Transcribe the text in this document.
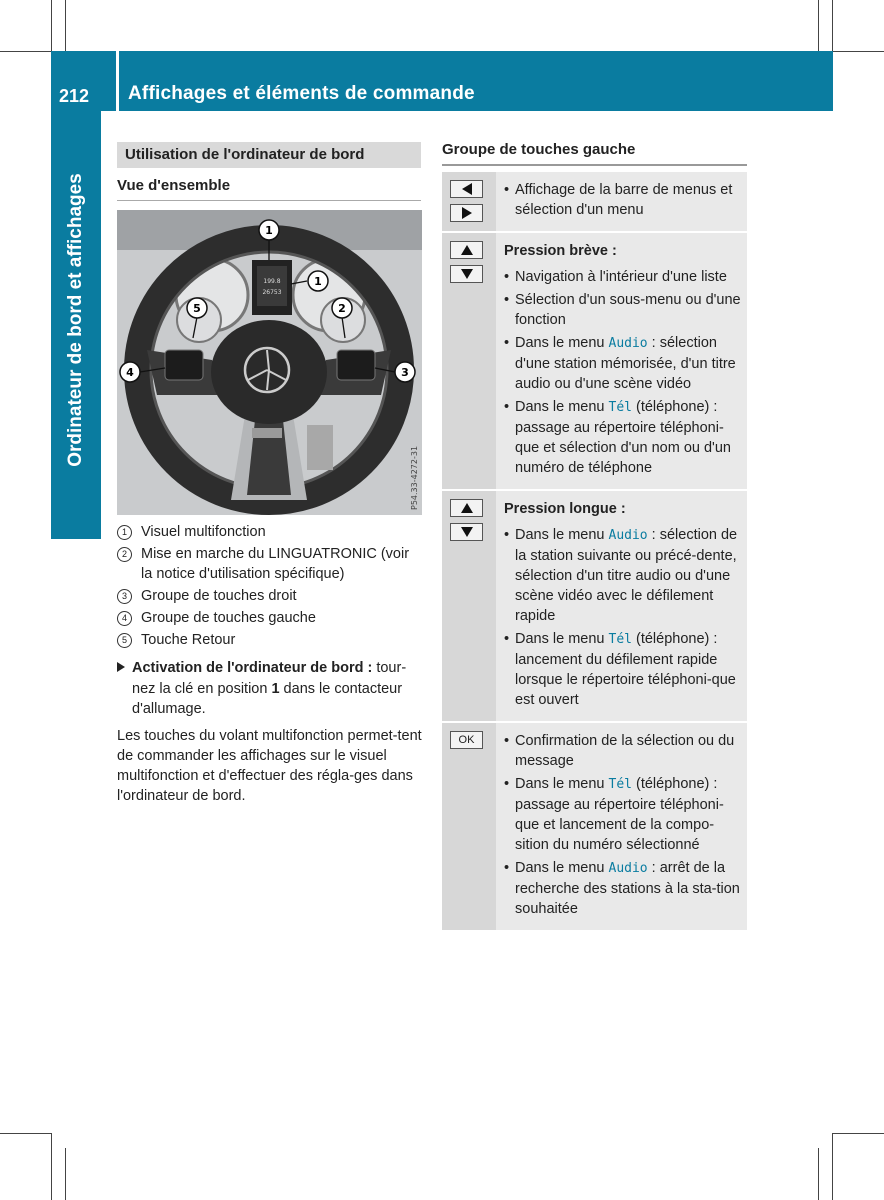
212	Affichages et éléments de commande
Ordinateur de bord et affichages
Utilisation de l'ordinateur de bord
Vue d'ensemble
199.8
26753
1
1
5	2
4	3
P54.33-4272-31
1 Visuel multifonction
2 Mise en marche du LINGUATRONIC (voir la notice d'utilisation spécifique)
3 Groupe de touches droit
4 Groupe de touches gauche
5 Touche Retour
Activation de l'ordinateur de bord : tour-nez la clé en position 1 dans le contacteur d'allumage.
Les touches du volant multifonction permet-tent de commander les affichages sur le visuel multifonction et d'effectuer des régla-ges dans l'ordinateur de bord.
Groupe de touches gauche
• Affichage de la barre de menus et sélection d'un menu
Pression brève :
• Navigation à l'intérieur d'une liste
• Sélection d'un sous-menu ou d'une fonction
• Dans le menu Audio : sélection d'une station mémorisée, d'un titre audio ou d'une scène vidéo
• Dans le menu Tél (téléphone) : passage au répertoire téléphoni-que et sélection d'un nom ou d'un numéro de téléphone
Pression longue :
• Dans le menu Audio : sélection de la station suivante ou précé-dente, sélection d'un titre audio ou d'une scène vidéo avec le défilement rapide
• Dans le menu Tél (téléphone) : lancement du défilement rapide lorsque le répertoire téléphoni-que est ouvert
OK
•	Confirmation de la sélection ou du message
• Dans le menu Tél (téléphone) : passage au répertoire téléphoni-que et lancement de la compo-sition du numéro sélectionné
• Dans le menu Audio : arrêt de la recherche des stations à la sta-tion souhaitée
